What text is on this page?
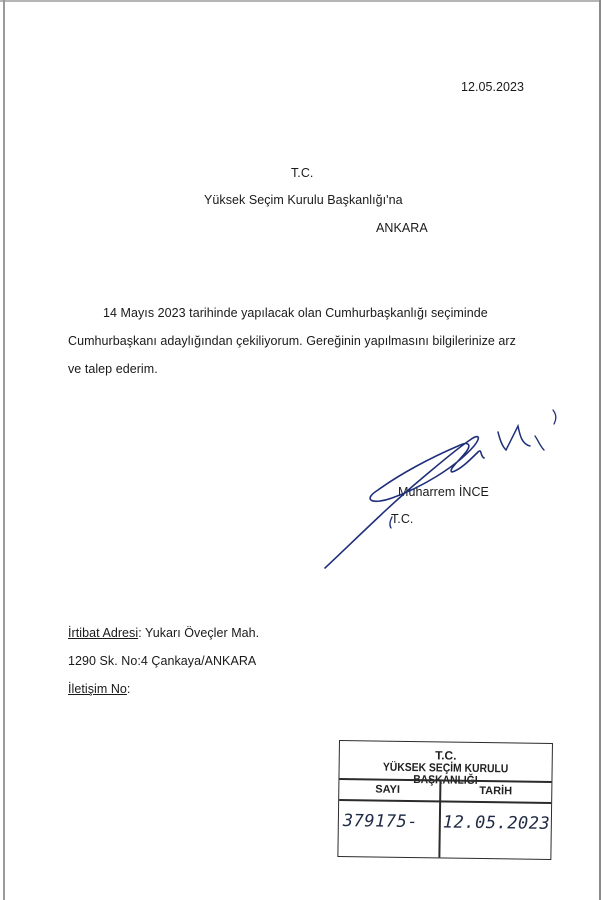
12.05.2023
T.C.
Yüksek Seçim Kurulu Başkanlığı'na
ANKARA
14 Mayıs 2023 tarihinde yapılacak olan Cumhurbaşkanlığı seçiminde
Cumhurbaşkanı adaylığından çekiliyorum. Gereğinin yapılmasını bilgilerinize arz
ve talep ederim.
Muharrem İNCE
T.C.
İrtibat Adresi: Yukarı Öveçler Mah.
1290 Sk. No:4 Çankaya/ANKARA
İletişim No:
T.C.
YÜKSEK SEÇİM KURULU
SAYI	TARİH
379175- 12.05.2023
